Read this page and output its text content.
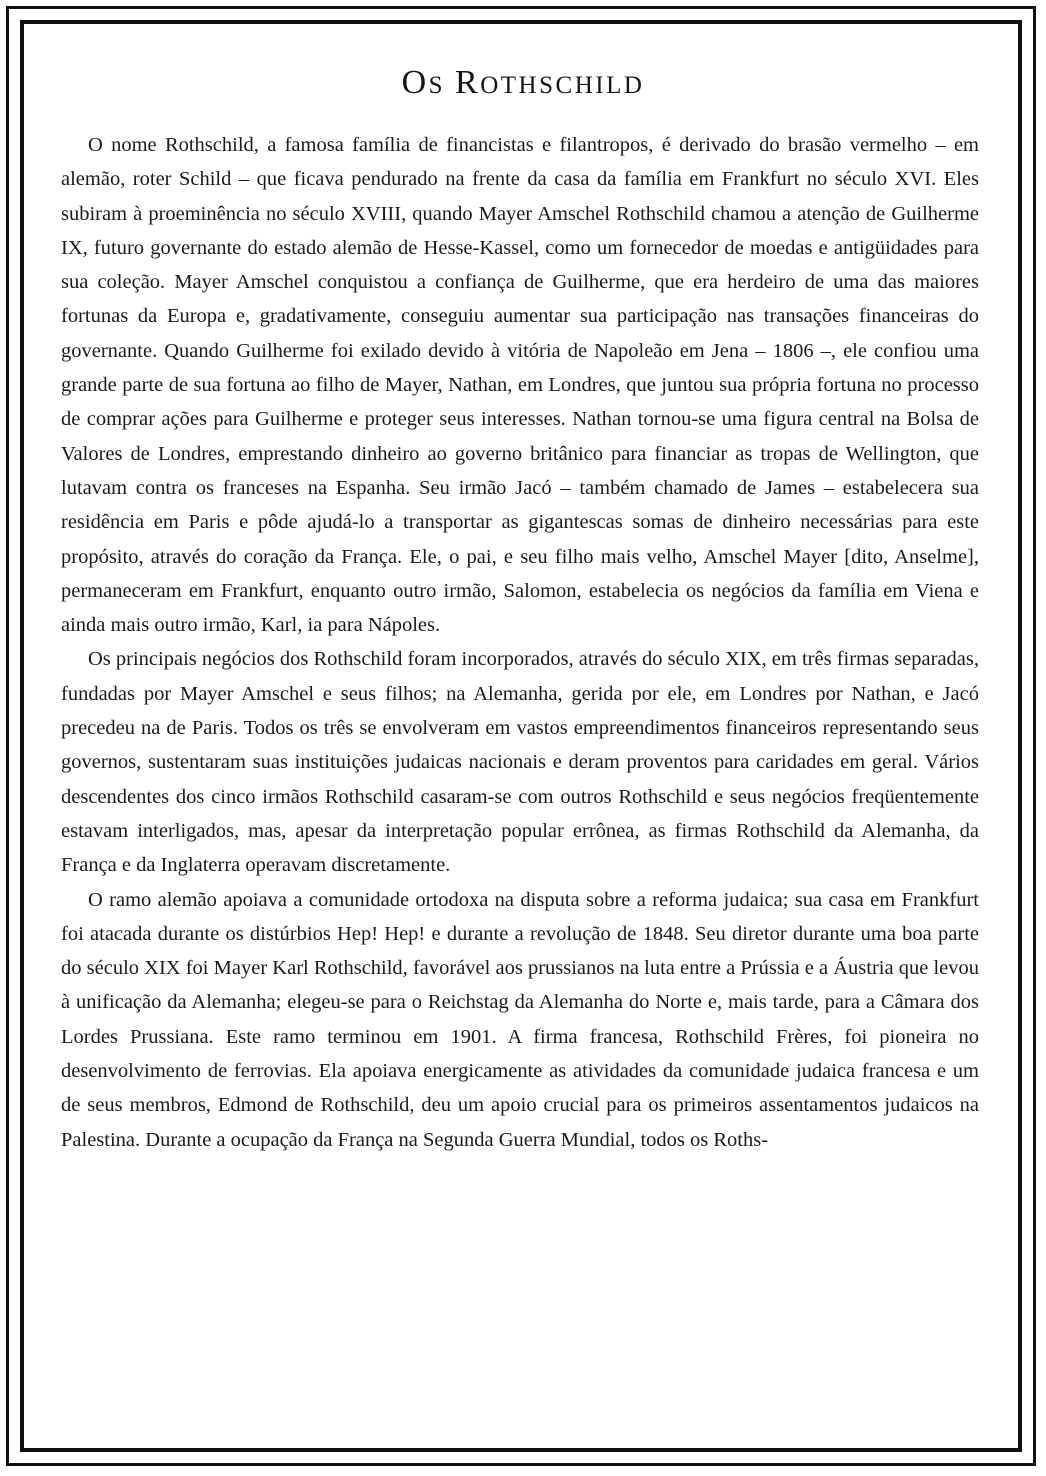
OS ROTHSCHILD

O nome Rothschild, a famosa família de financistas e filantropos, é derivado do brasão vermelho – em alemão, roter Schild – que ficava pendurado na frente da casa da família em Frankfurt no século XVI. Eles subiram à proeminência no século XVIII, quando Mayer Amschel Rothschild chamou a atenção de Guilherme IX, futuro governante do estado alemão de Hesse-Kassel, como um fornecedor de moedas e antigüidades para sua coleção. Mayer Amschel conquistou a confiança de Guilherme, que era herdeiro de uma das maiores fortunas da Europa e, gradativamente, conseguiu aumentar sua participação nas transações financeiras do governante. Quando Guilherme foi exilado devido à vitória de Napoleão em Jena – 1806 –, ele confiou uma grande parte de sua fortuna ao filho de Mayer, Nathan, em Londres, que juntou sua própria fortuna no processo de comprar ações para Guilherme e proteger seus interesses. Nathan tornou-se uma figura central na Bolsa de Valores de Londres, emprestando dinheiro ao governo britânico para financiar as tropas de Wellington, que lutavam contra os franceses na Espanha. Seu irmão Jacó – também chamado de James – estabelecera sua residência em Paris e pôde ajudá-lo a transportar as gigantescas somas de dinheiro necessárias para este propósito, através do coração da França. Ele, o pai, e seu filho mais velho, Amschel Mayer [dito, Anselme], permaneceram em Frankfurt, enquanto outro irmão, Salomon, estabelecia os negócios da família em Viena e ainda mais outro irmão, Karl, ia para Nápoles.

Os principais negócios dos Rothschild foram incorporados, através do século XIX, em três firmas separadas, fundadas por Mayer Amschel e seus filhos; na Alemanha, gerida por ele, em Londres por Nathan, e Jacó precedeu na de Paris. Todos os três se envolveram em vastos empreendimentos financeiros representando seus governos, sustentaram suas instituições judaicas nacionais e deram proventos para caridades em geral. Vários descendentes dos cinco irmãos Rothschild casaram-se com outros Rothschild e seus negócios freqüentemente estavam interligados, mas, apesar da interpretação popular errônea, as firmas Rothschild da Alemanha, da França e da Inglaterra operavam discretamente.

O ramo alemão apoiava a comunidade ortodoxa na disputa sobre a reforma judaica; sua casa em Frankfurt foi atacada durante os distúrbios Hep! Hep! e durante a revolução de 1848. Seu diretor durante uma boa parte do século XIX foi Mayer Karl Rothschild, favorável aos prussianos na luta entre a Prússia e a Áustria que levou à unificação da Alemanha; elegeu-se para o Reichstag da Alemanha do Norte e, mais tarde, para a Câmara dos Lordes Prussiana. Este ramo terminou em 1901. A firma francesa, Rothschild Frères, foi pioneira no desenvolvimento de ferrovias. Ela apoiava energicamente as atividades da comunidade judaica francesa e um de seus membros, Edmond de Rothschild, deu um apoio crucial para os primeiros assentamentos judaicos na Palestina. Durante a ocupação da França na Segunda Guerra Mundial, todos os Roths-
